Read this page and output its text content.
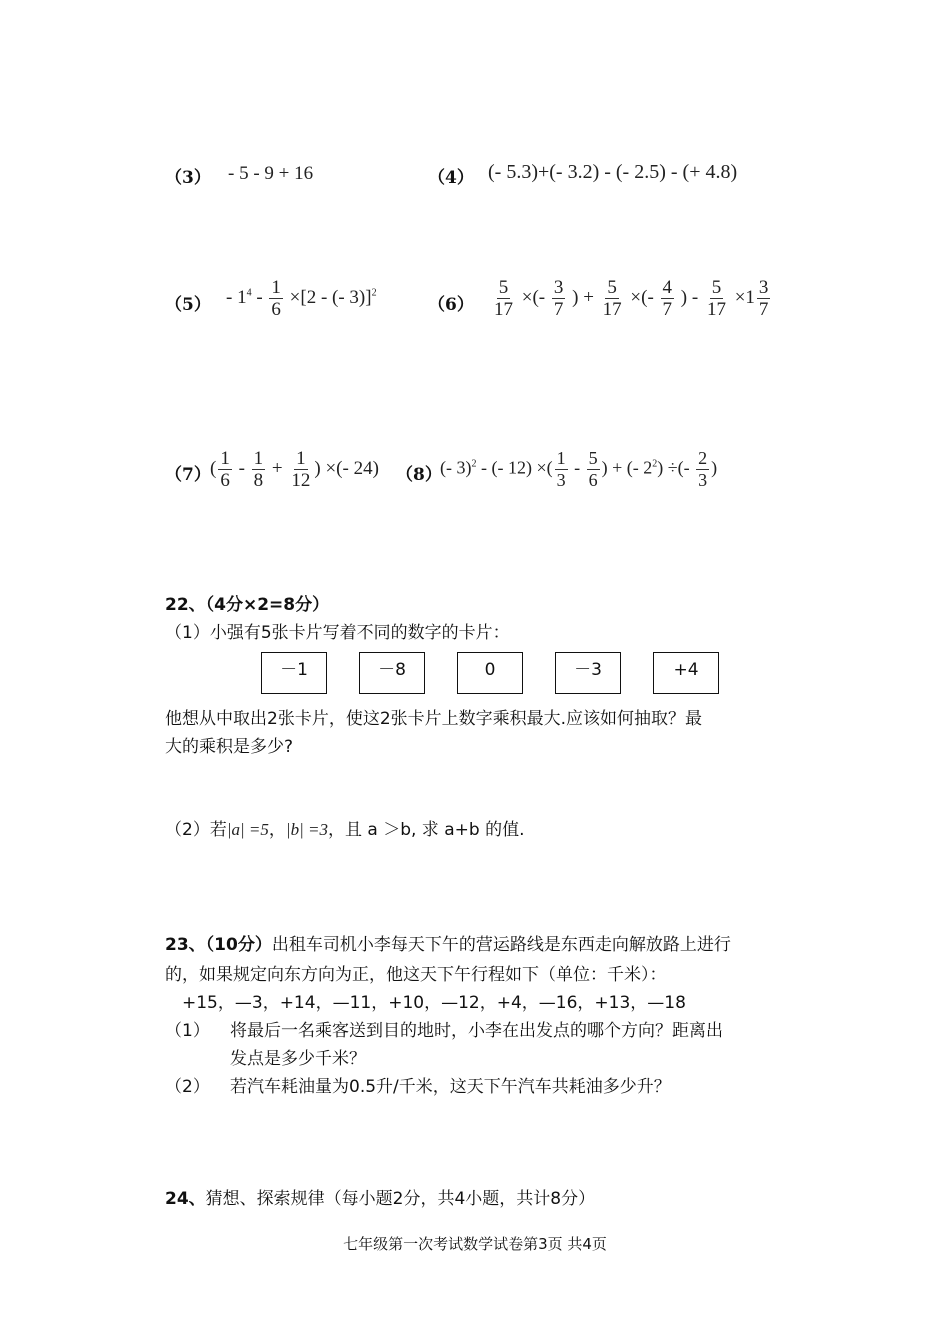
（3） - 5 - 9 + 16	（4） (- 5.3)+(- 3.2) - (- 2.5) - (+ 4.8)
$(5) - 1^4 - \frac{1}{6} \times[2$ - (- 3)]$^2$
$(6) \frac{5}{17}$ ×(- $\frac{3}{7}$ ) + $\frac{5}{17}$ ×(- $\frac{4}{7}$ ) - $\frac{5}{17} \times 1 \frac{3}{7}$
（7） ( $\frac{1}{6} - \frac{1}{8} + \frac{1}{12}$ ) ×(- 24) （8）
(- 3)$^2$ - (- 12) ×( $\frac{1}{3} - \frac{5}{6}$ ) + (- $2^2$) ÷(- $\frac{2}{3}$ )
22、（4分×2=8分）
（1）小强有5张卡片写着不同的数字的卡片：
－1	－8	0	－3	+4
他想从中取出2张卡片，使这2张卡片上数字乘积最大.应该如何抽取？最
大的乘积是多少?
（2）若|a| =5，|b| =3，且 a ＞b, 求 a+b 的值.
23、（10分）出租车司机小李每天下午的营运路线是东西走向解放路上进行
的，如果规定向东方向为正，他这天下午行程如下（单位：千米）：
+15，—3，+14，—11，+10，—12，+4，—16，+13，—18
（1） 将最后一名乘客送到目的地时，小李在出发点的哪个方向？距离出
发点是多少千米？
（2） 若汽车耗油量为0.5升/千米，这天下午汽车共耗油多少升？
24、猜想、探索规律（每小题2分，共4小题，共计8分）
七年级第一次考试数学试卷第3页 共4页
